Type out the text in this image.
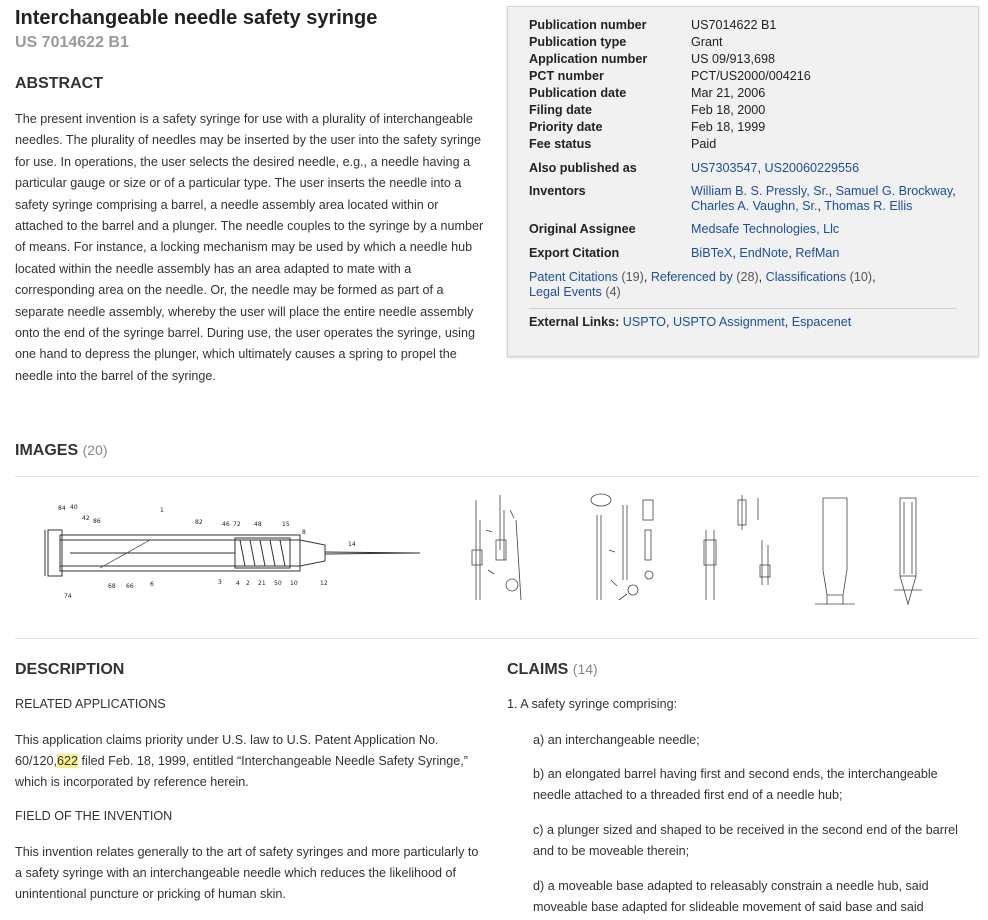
Interchangeable needle safety syringe
US 7014622 B1
ABSTRACT
The present invention is a safety syringe for use with a plurality of interchangeable needles. The plurality of needles may be inserted by the user into the safety syringe for use. In operations, the user selects the desired needle, e.g., a needle having a particular gauge or size or of a particular type. The user inserts the needle into a safety syringe comprising a barrel, a needle assembly area located within or attached to the barrel and a plunger. The needle couples to the syringe by a number of means. For instance, a locking mechanism may be used by which a needle hub located within the needle assembly has an area adapted to mate with a corresponding area on the needle. Or, the needle may be formed as part of a separate needle assembly, whereby the user will place the entire needle assembly onto the end of the syringe barrel. During use, the user operates the syringe, using one hand to depress the plunger, which ultimately causes a spring to propel the needle into the barrel of the syringe.
Publication number	US7014622 B1
Publication type	Grant
Application number	US 09/913,698
PCT number	PCT/US2000/004216
Publication date	Mar 21, 2006
Filing date	Feb 18, 2000
Priority date	Feb 18, 1999
Fee status	Paid
Also published as	US7303547, US20060229556
Inventors	William B. S. Pressly, Sr., Samuel G. Brockway, Charles A. Vaughn, Sr., Thomas R. Ellis
Original Assignee	Medsafe Technologies, Llc
Export Citation	BiBTeX, EndNote, RefMan
Patent Citations (19), Referenced by (28), Classifications (10),
Legal Events (4)
External Links: USPTO, USPTO Assignment, Espacenet
IMAGES (20)
84 40
42 86
1
82	46 72 48	15
8
14
68 66	6	3 4 2 21 50 10	12
74
DESCRIPTION
RELATED APPLICATIONS
This application claims priority under U.S. law to U.S. Patent Application No. 60/120,622 filed Feb. 18, 1999, entitled “Interchangeable Needle Safety Syringe,” which is incorporated by reference herein.
FIELD OF THE INVENTION
This invention relates generally to the art of safety syringes and more particularly to a safety syringe with an interchangeable needle which reduces the likelihood of unintentional puncture or pricking of human skin.
CLAIMS (14)
1. A safety syringe comprising:
a) an interchangeable needle;
b) an elongated barrel having first and second ends, the interchangeable needle attached to a threaded first end of a needle hub;
c) a plunger sized and shaped to be received in the second end of the barrel and to be moveable therein;
d) a moveable base adapted to releasably constrain a needle hub, said moveable base adapted for slideable movement of said base and said
